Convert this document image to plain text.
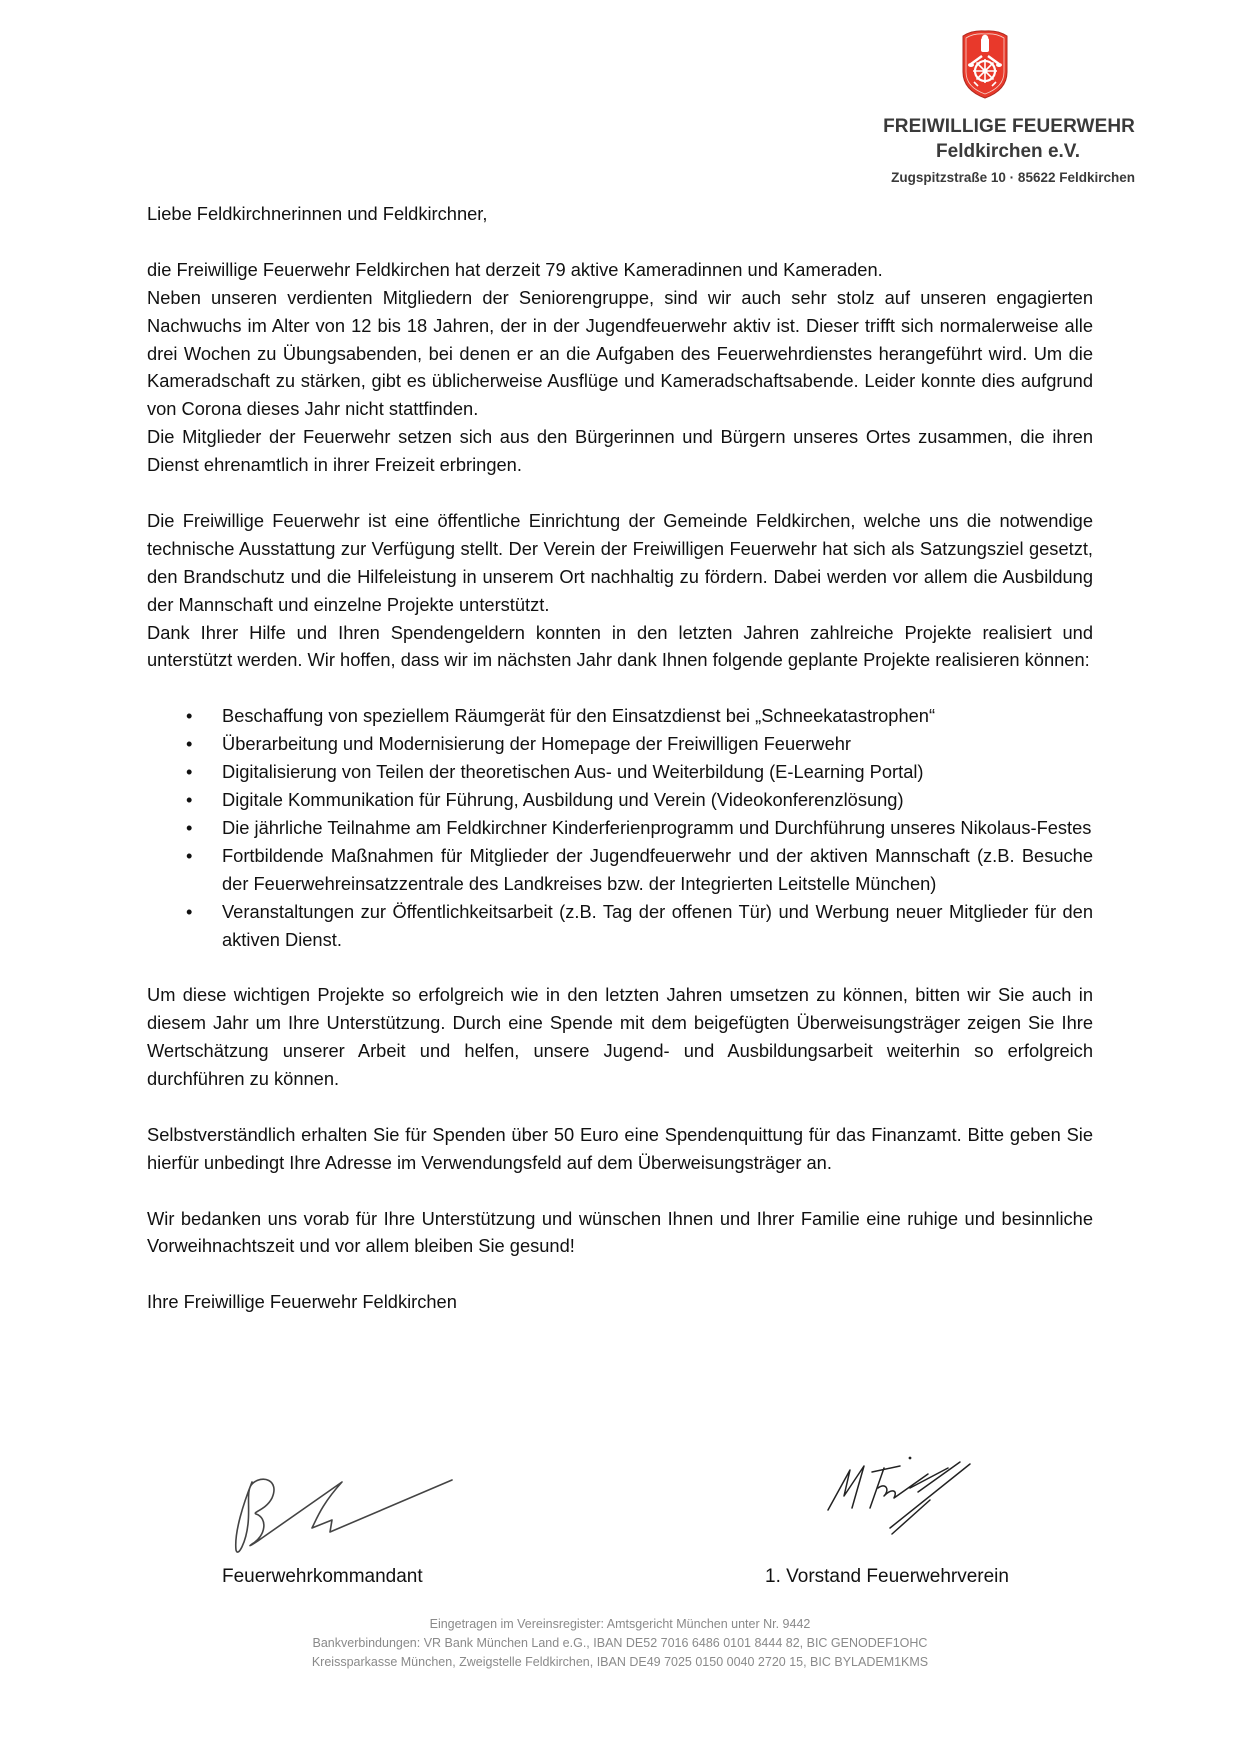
FREIWILLIGE FEUERWEHR
Feldkirchen e.V.
Zugspitzstraße 10 · 85622 Feldkirchen

Liebe Feldkirchnerinnen und Feldkirchner,

die Freiwillige Feuerwehr Feldkirchen hat derzeit 79 aktive Kameradinnen und Kameraden.

Neben unseren verdienten Mitgliedern der Seniorengruppe, sind wir auch sehr stolz auf unseren engagierten Nachwuchs im Alter von 12 bis 18 Jahren, der in der Jugendfeuerwehr aktiv ist. Dieser trifft sich normalerweise alle drei Wochen zu Übungsabenden, bei denen er an die Aufgaben des Feuerwehrdienstes herangeführt wird. Um die Kameradschaft zu stärken, gibt es üblicherweise Ausflüge und Kameradschaftsabende. Leider konnte dies aufgrund von Corona dieses Jahr nicht stattfinden.

Die Mitglieder der Feuerwehr setzen sich aus den Bürgerinnen und Bürgern unseres Ortes zusammen, die ihren Dienst ehrenamtlich in ihrer Freizeit erbringen.

Die Freiwillige Feuerwehr ist eine öffentliche Einrichtung der Gemeinde Feldkirchen, welche uns die notwendige technische Ausstattung zur Verfügung stellt. Der Verein der Freiwilligen Feuerwehr hat sich als Satzungsziel gesetzt, den Brandschutz und die Hilfeleistung in unserem Ort nachhaltig zu fördern. Dabei werden vor allem die Ausbildung der Mannschaft und einzelne Projekte unterstützt.

Dank Ihrer Hilfe und Ihren Spendengeldern konnten in den letzten Jahren zahlreiche Projekte realisiert und unterstützt werden. Wir hoffen, dass wir im nächsten Jahr dank Ihnen folgende geplante Projekte realisieren können:

• Beschaffung von speziellem Räumgerät für den Einsatzdienst bei „Schneekatastrophen“
• Überarbeitung und Modernisierung der Homepage der Freiwilligen Feuerwehr
• Digitalisierung von Teilen der theoretischen Aus- und Weiterbildung (E-Learning Portal)
• Digitale Kommunikation für Führung, Ausbildung und Verein (Videokonferenzlösung)
• Die jährliche Teilnahme am Feldkirchner Kinderferienprogramm und Durchführung unseres Nikolaus-Festes
• Fortbildende Maßnahmen für Mitglieder der Jugendfeuerwehr und der aktiven Mannschaft (z.B. Besuche der Feuerwehreinsatzzentrale des Landkreises bzw. der Integrierten Leitstelle München)
• Veranstaltungen zur Öffentlichkeitsarbeit (z.B. Tag der offenen Tür) und Werbung neuer Mitglieder für den aktiven Dienst.

Um diese wichtigen Projekte so erfolgreich wie in den letzten Jahren umsetzen zu können, bitten wir Sie auch in diesem Jahr um Ihre Unterstützung. Durch eine Spende mit dem beigefügten Überweisungsträger zeigen Sie Ihre Wertschätzung unserer Arbeit und helfen, unsere Jugend- und Ausbildungsarbeit weiterhin so erfolgreich durchführen zu können.

Selbstverständlich erhalten Sie für Spenden über 50 Euro eine Spendenquittung für das Finanzamt. Bitte geben Sie hierfür unbedingt Ihre Adresse im Verwendungsfeld auf dem Überweisungsträger an.

Wir bedanken uns vorab für Ihre Unterstützung und wünschen Ihnen und Ihrer Familie eine ruhige und besinnliche Vorweihnachtszeit und vor allem bleiben Sie gesund!

Ihre Freiwillige Feuerwehr Feldkirchen

Feuerwehrkommandant	1. Vorstand Feuerwehrverein
Eingetragen im Vereinsregister: Amtsgericht München unter Nr. 9442
Bankverbindungen: VR Bank München Land e.G., IBAN DE52 7016 6486 0101 8444 82, BIC GENODEF1OHC
Kreissparkasse München, Zweigstelle Feldkirchen, IBAN DE49 7025 0150 0040 2720 15, BIC BYLADEM1KMS
